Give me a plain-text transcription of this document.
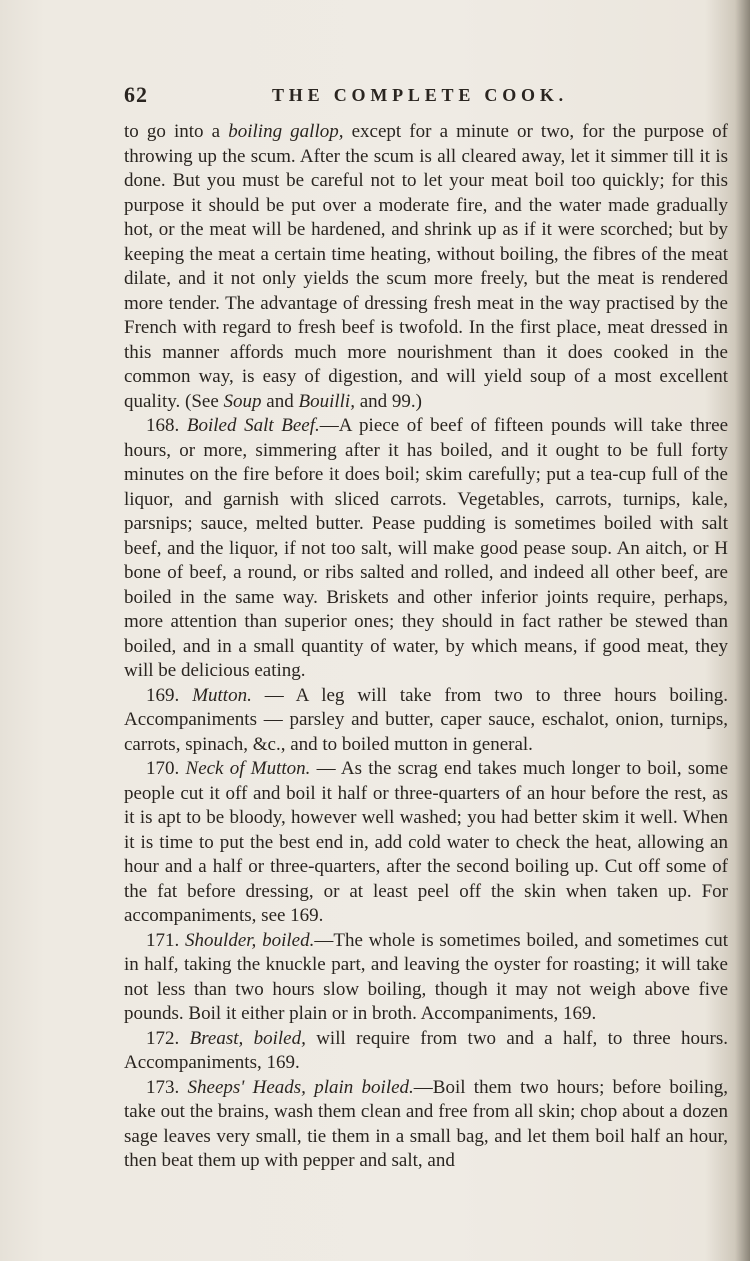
62	THE COMPLETE COOK.

to go into a boiling gallop, except for a minute or two, for the purpose of throwing up the scum. After the scum is all cleared away, let it simmer till it is done. But you must be careful not to let your meat boil too quickly; for this purpose it should be put over a moderate fire, and the water made gradually hot, or the meat will be hardened, and shrink up as if it were scorched; but by keeping the meat a certain time heating, without boiling, the fibres of the meat dilate, and it not only yields the scum more freely, but the meat is rendered more tender. The advantage of dressing fresh meat in the way practised by the French with regard to fresh beef is twofold. In the first place, meat dressed in this manner affords much more nourishment than it does cooked in the common way, is easy of digestion, and will yield soup of a most excellent quality. (See Soup and Bouilli, and 99.)

168. Boiled Salt Beef.—A piece of beef of fifteen pounds will take three hours, or more, simmering after it has boiled, and it ought to be full forty minutes on the fire before it does boil; skim carefully; put a tea-cup full of the liquor, and garnish with sliced carrots. Vegetables, carrots, turnips, kale, parsnips; sauce, melted butter. Pease pudding is sometimes boiled with salt beef, and the liquor, if not too salt, will make good pease soup. An aitch, or H bone of beef, a round, or ribs salted and rolled, and indeed all other beef, are boiled in the same way. Briskets and other inferior joints require, perhaps, more attention than superior ones; they should in fact rather be stewed than boiled, and in a small quantity of water, by which means, if good meat, they will be delicious eating.

169. Mutton. — A leg will take from two to three hours boiling. Accompaniments — parsley and butter, caper sauce, eschalot, onion, turnips, carrots, spinach, &c., and to boiled mutton in general.

170. Neck of Mutton. — As the scrag end takes much longer to boil, some people cut it off and boil it half or three-quarters of an hour before the rest, as it is apt to be bloody, however well washed; you had better skim it well. When it is time to put the best end in, add cold water to check the heat, allowing an hour and a half or three-quarters, after the second boiling up. Cut off some of the fat before dressing, or at least peel off the skin when taken up. For accompaniments, see 169.

171. Shoulder, boiled.—The whole is sometimes boiled, and sometimes cut in half, taking the knuckle part, and leaving the oyster for roasting; it will take not less than two hours slow boiling, though it may not weigh above five pounds. Boil it either plain or in broth. Accompaniments, 169.

172. Breast, boiled, will require from two and a half, to three hours. Accompaniments, 169.

173. Sheeps' Heads, plain boiled.—Boil them two hours; before boiling, take out the brains, wash them clean and free from all skin; chop about a dozen sage leaves very small, tie them in a small bag, and let them boil half an hour, then beat them up with pepper and salt, and
